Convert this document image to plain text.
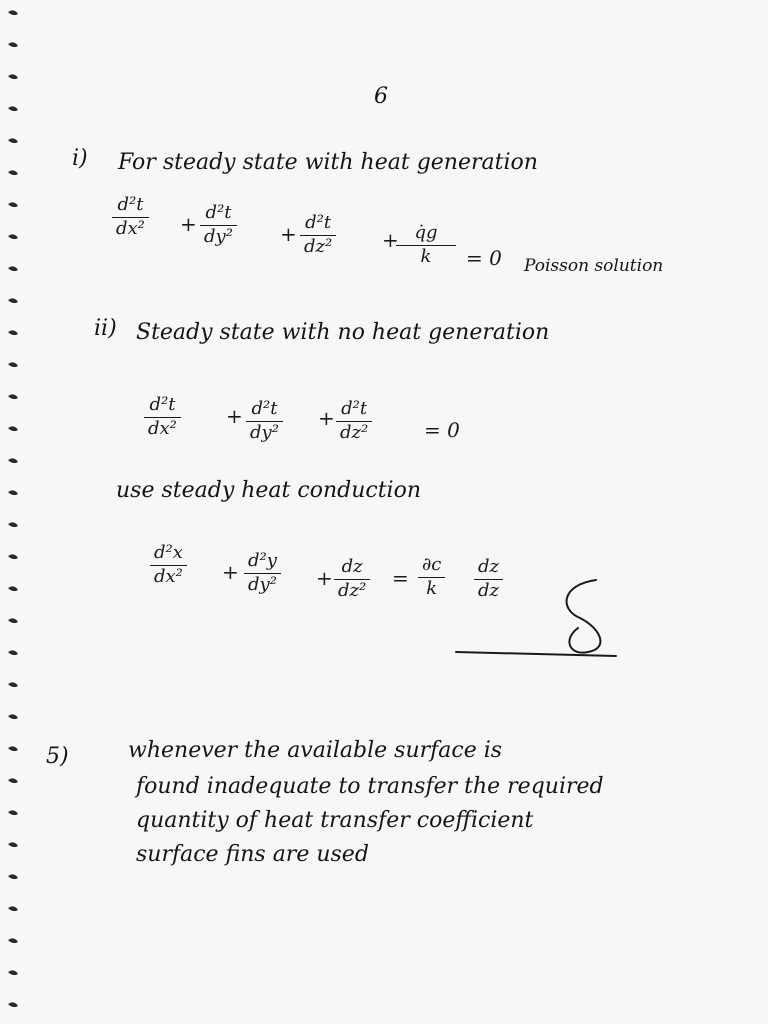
6
i) For steady state with heat generation
d²t
dx² + d²t
dy² + d²t
dz² + q̇g
k = 0 Poisson solution
ii) Steady state with no heat generation
d²t
dx²
+ d²t
dy²
+ d²t
dz²	= 0
use steady heat conduction
d²x
dx² + d²y
dy² + dz
dz²
=
∂c
k
dz
dz
5)	whenever the available surface is
found inadequate to transfer the required
quantity of heat transfer coefficient
surface fins are used
